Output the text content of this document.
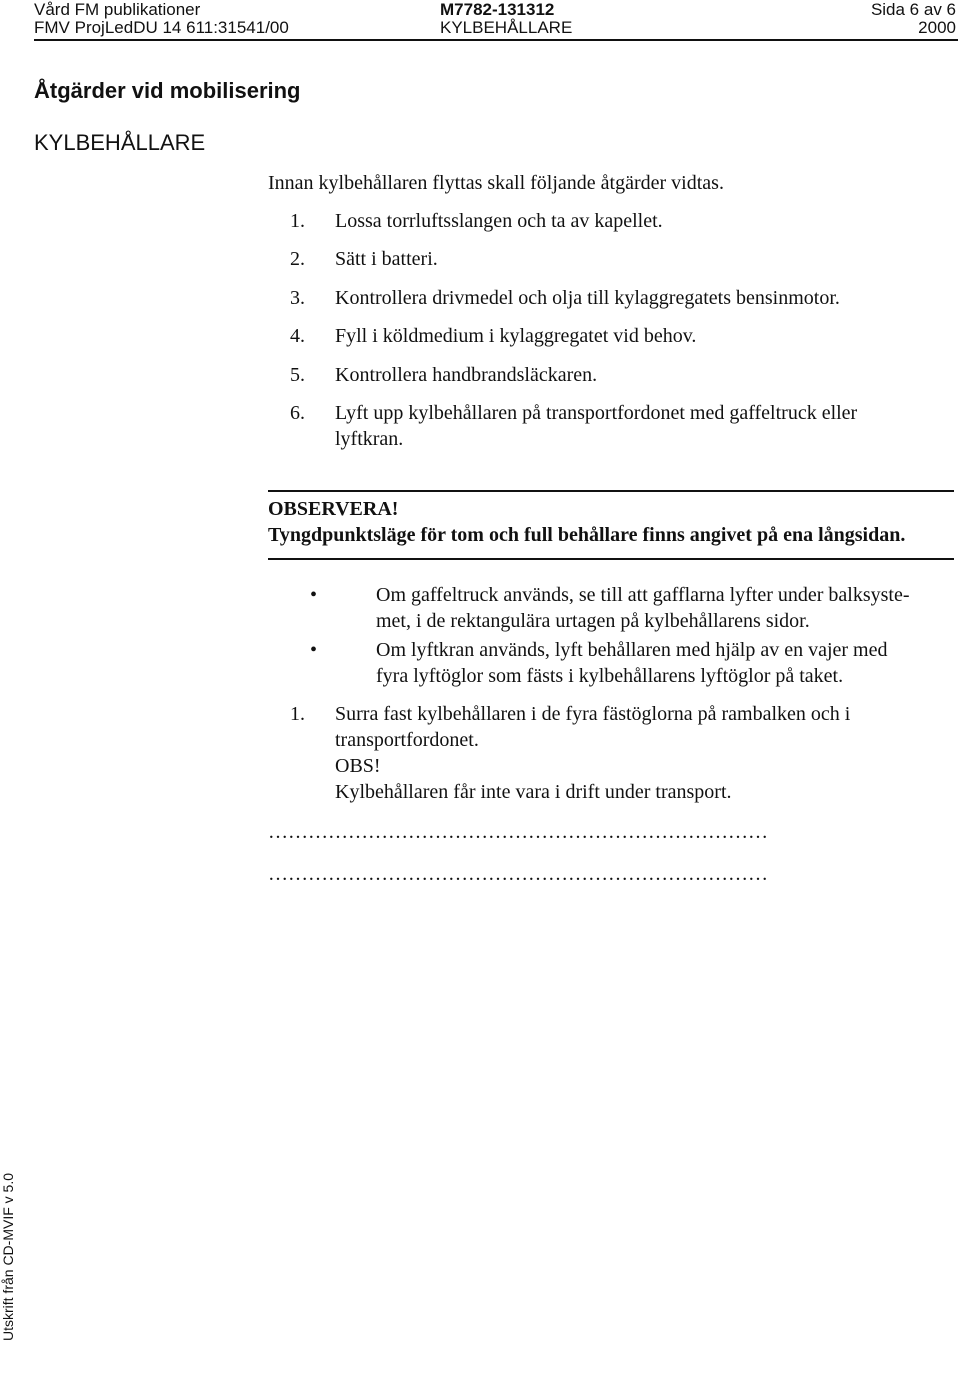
Vård FM publikationer
FMV ProjLedDU 14 611:31541/00
M7782-131312
KYLBEHÅLLARE
Sida 6 av 6
2000
Åtgärder vid mobilisering
KYLBEHÅLLARE
Innan kylbehållaren flyttas skall följande åtgärder vidtas.
1.	Lossa torrluftsslangen och ta av kapellet.
2.	Sätt i batteri.
3.	Kontrollera drivmedel och olja till kylaggregatets bensinmotor.
4.	Fyll i köldmedium i kylaggregatet vid behov.
5.	Kontrollera handbrandsläckaren.
6.	Lyft upp kylbehållaren på transportfordonet med gaffeltruck eller
lyftkran.
OBSERVERA!
Tyngdpunktsläge för tom och full behållare finns angivet på ena långsidan.
•	Om gaffeltruck används, se till att gafflarna lyfter under balksyste-
met, i de rektangulära urtagen på kylbehållarens sidor.
•	Om lyftkran används, lyft behållaren med hjälp av en vajer med
fyra lyftöglor som fästs i kylbehållarens lyftöglor på taket.
1.	Surra fast kylbehållaren i de fyra fästöglorna på rambalken och i
transportfordonet.
OBS!
Kylbehållaren får inte vara i drift under transport.
…………………………………………………………………
…………………………………………………………………
Utskrift från CD-MVIF v 5.0
